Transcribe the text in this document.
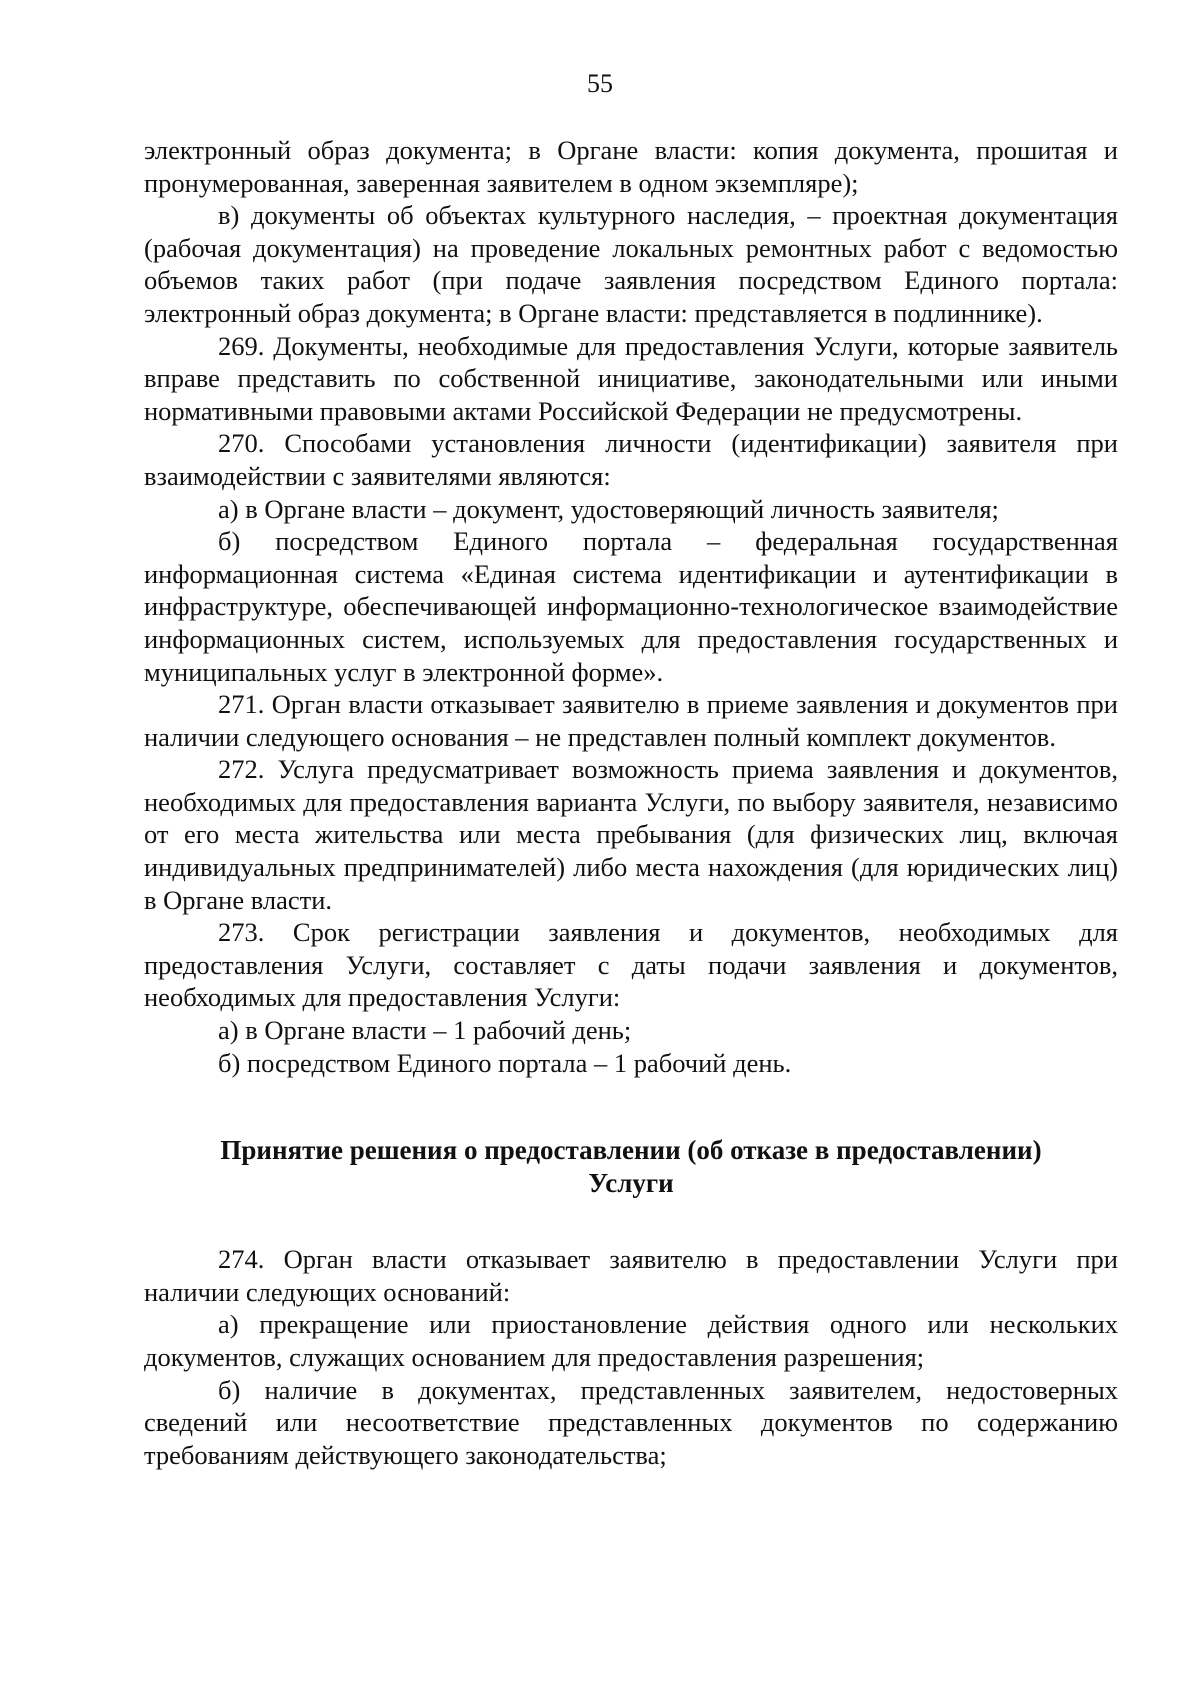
55

электронный образ документа; в Органе власти: копия документа, прошитая и пронумерованная, заверенная заявителем в одном экземпляре);

в) документы об объектах культурного наследия, – проектная документация (рабочая документация) на проведение локальных ремонтных работ с ведомостью объемов таких работ (при подаче заявления посредством Единого портала: электронный образ документа; в Органе власти: представляется в подлиннике).

269. Документы, необходимые для предоставления Услуги, которые заявитель вправе представить по собственной инициативе, законодательными или иными нормативными правовыми актами Российской Федерации не предусмотрены.

270. Способами установления личности (идентификации) заявителя при взаимодействии с заявителями являются:

а) в Органе власти – документ, удостоверяющий личность заявителя;

б) посредством Единого портала – федеральная государственная информационная система «Единая система идентификации и аутентификации в инфраструктуре, обеспечивающей информационно-технологическое взаимодействие информационных систем, используемых для предоставления государственных и муниципальных услуг в электронной форме».

271. Орган власти отказывает заявителю в приеме заявления и документов при наличии следующего основания – не представлен полный комплект документов.

272. Услуга предусматривает возможность приема заявления и документов, необходимых для предоставления варианта Услуги, по выбору заявителя, независимо от его места жительства или места пребывания (для физических лиц, включая индивидуальных предпринимателей) либо места нахождения (для юридических лиц) в Органе власти.

273. Срок регистрации заявления и документов, необходимых для предоставления Услуги, составляет с даты подачи заявления и документов, необходимых для предоставления Услуги:

а) в Органе власти – 1 рабочий день;

б) посредством Единого портала – 1 рабочий день.

Принятие решения о предоставлении (об отказе в предоставлении)
Услуги

274. Орган власти отказывает заявителю в предоставлении Услуги при наличии следующих оснований:

а) прекращение или приостановление действия одного или нескольких документов, служащих основанием для предоставления разрешения;

б) наличие в документах, представленных заявителем, недостоверных сведений или несоответствие представленных документов по содержанию требованиям действующего законодательства;
